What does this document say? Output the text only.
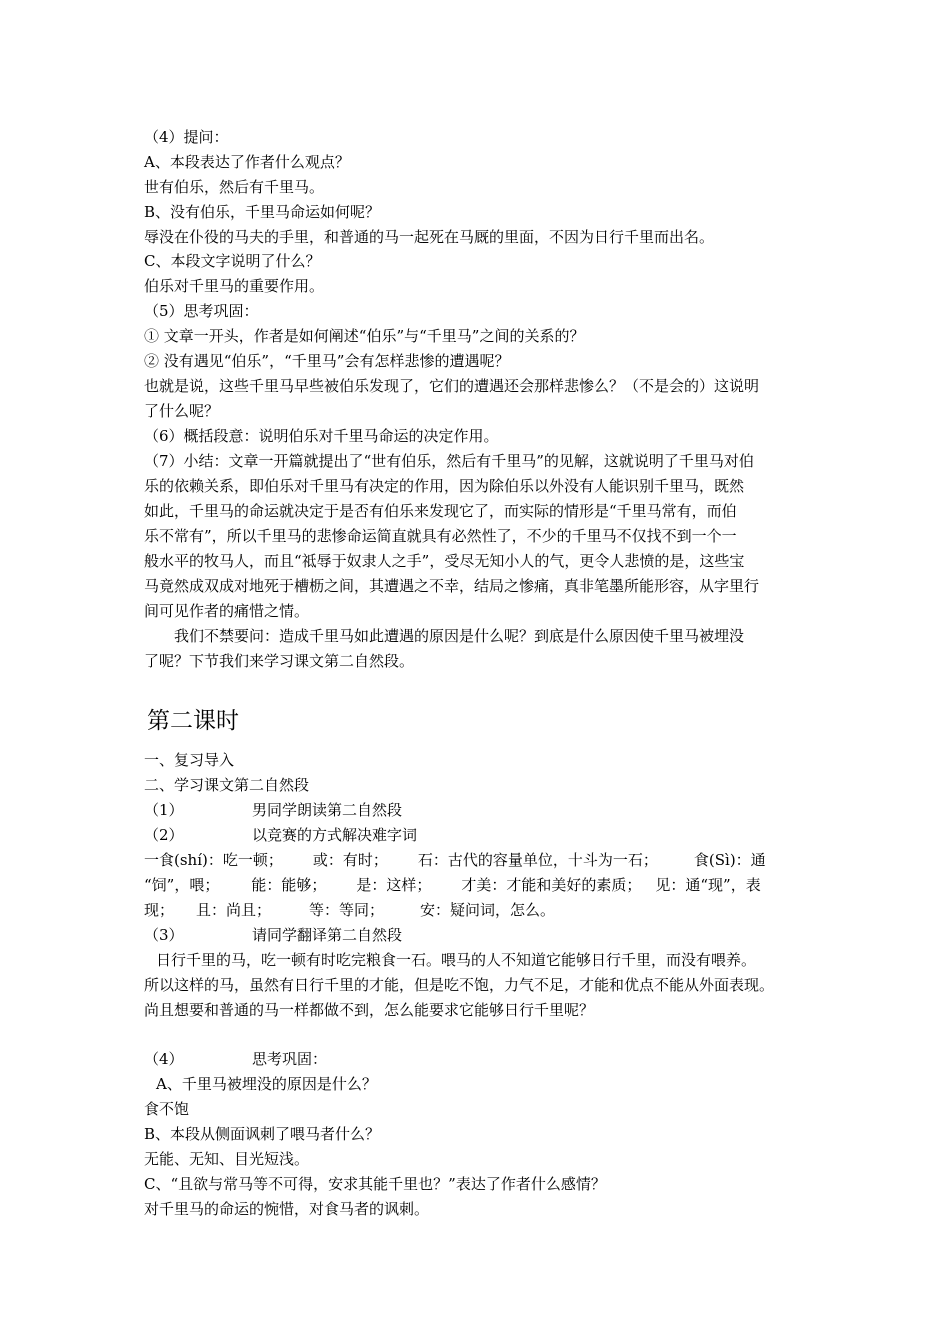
（4）提问：
A、本段表达了作者什么观点？
世有伯乐，然后有千里马。
B、没有伯乐，千里马命运如何呢？
辱没在仆役的马夫的手里，和普通的马一起死在马厩的里面，不因为日行千里而出名。
C、本段文字说明了什么？
伯乐对千里马的重要作用。
（5）思考巩固：
① 文章一开头，作者是如何阐述“伯乐”与“千里马”之间的关系的？
② 没有遇见“伯乐”，“千里马”会有怎样悲惨的遭遇呢？
也就是说，这些千里马早些被伯乐发现了，它们的遭遇还会那样悲惨么？（不是会的）这说明
了什么呢？
（6）概括段意：说明伯乐对千里马命运的决定作用。
（7）小结：文章一开篇就提出了“世有伯乐，然后有千里马”的见解，这就说明了千里马对伯
乐的依赖关系，即伯乐对千里马有决定的作用，因为除伯乐以外没有人能识别千里马，既然
如此，千里马的命运就决定于是否有伯乐来发现它了，而实际的情形是“千里马常有，而伯
乐不常有”，所以千里马的悲惨命运简直就具有必然性了，不少的千里马不仅找不到一个一
般水平的牧马人，而且“祗辱于奴隶人之手”，受尽无知小人的气，更令人悲愤的是，这些宝
马竟然成双成对地死于槽枥之间，其遭遇之不幸，结局之惨痛，真非笔墨所能形容，从字里行
间可见作者的痛惜之情。
我们不禁要问：造成千里马如此遭遇的原因是什么呢？到底是什么原因使千里马被埋没
了呢？下节我们来学习课文第二自然段。
第二课时
一、复习导入
二、学习课文第二自然段
（1）	男同学朗读第二自然段
（2）	以竞赛的方式解决难字词
一食(shí)：吃一顿； 或：有时； 石：古代的容量单位，十斗为一石； 食(Sì)：通
“饲”，喂； 能：能够； 是：这样； 才美：才能和美好的素质； 见：通“现”，表
现； 且：尚且；	等：等同； 安：疑问词，怎么。
（3）	请同学翻译第二自然段
日行千里的马，吃一顿有时吃完粮食一石。喂马的人不知道它能够日行千里，而没有喂养。
所以这样的马，虽然有日行千里的才能，但是吃不饱，力气不足，才能和优点不能从外面表现。
尚且想要和普通的马一样都做不到，怎么能要求它能够日行千里呢？
（4）	思考巩固：
A、千里马被埋没的原因是什么？
食不饱
B、本段从侧面讽刺了喂马者什么？
无能、无知、目光短浅。
C、“且欲与常马等不可得，安求其能千里也？”表达了作者什么感情？
对千里马的命运的惋惜，对食马者的讽刺。
